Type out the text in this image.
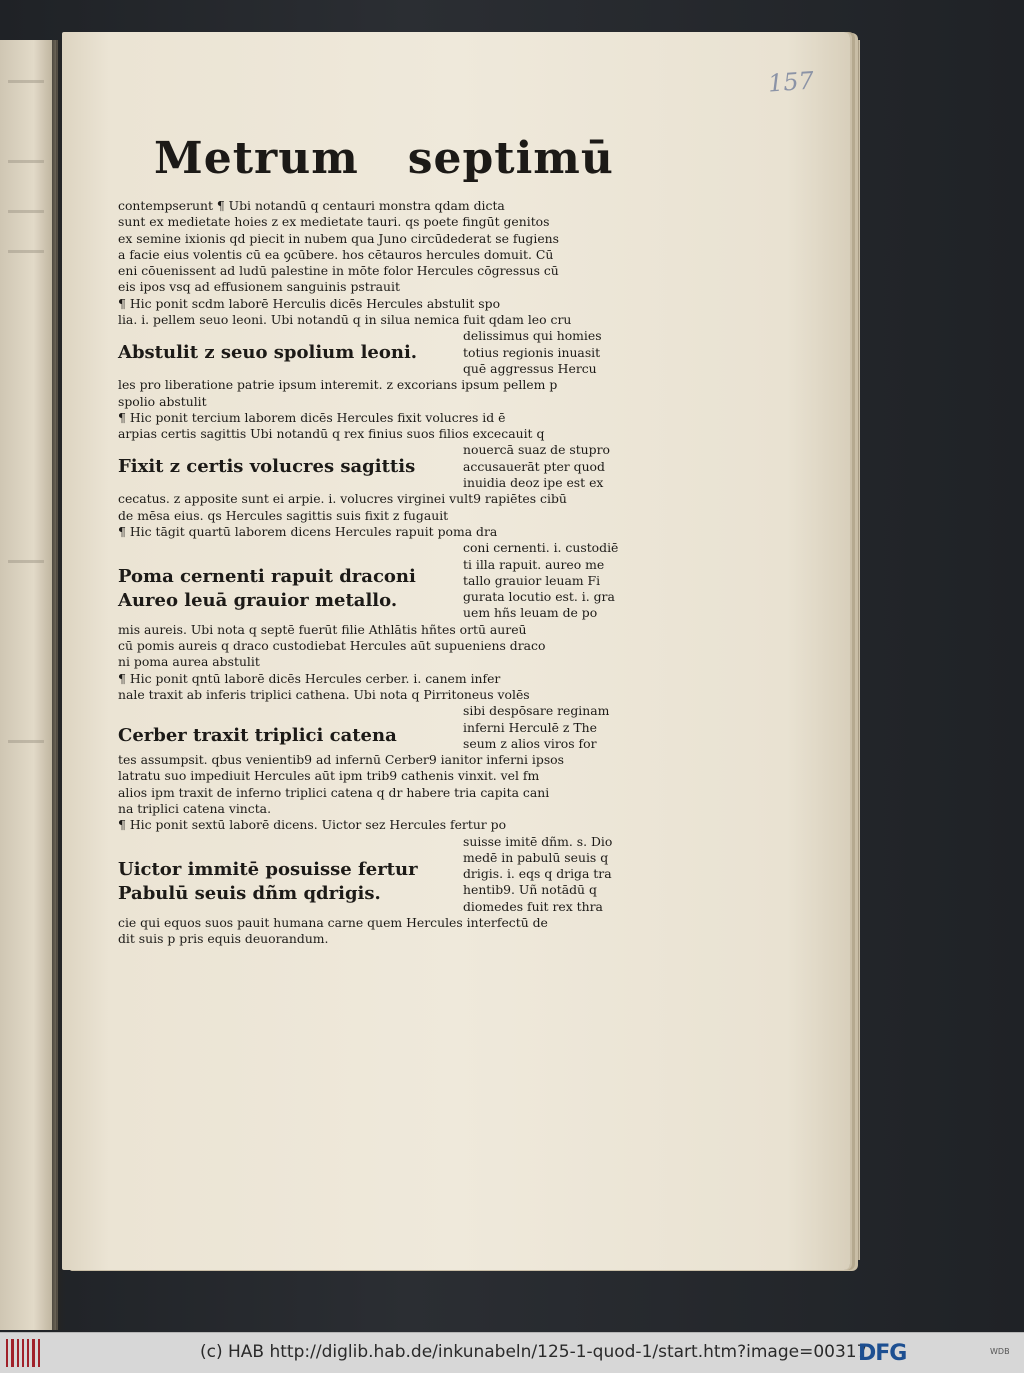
157
Metrum   septimū
contempserunt ¶ Ubi notandū q centauri monstra qdam dicta
sunt ex medietate hoies z ex medietate tauri. qs poete fingūt genitos
ex semine ixionis qd piecit in nubem qua Juno circūdederat se fugiens
a facie eius volentis cū ea ꝯcūbere. hos cētauros hercules domuit. Cū
eni cōuenissent ad ludū palestine in mōte folor Hercules cōgressus cū
eis ipos vsq ad effusionem sanguinis pstrauit
¶ Hic ponit scdm laborē Herculis dicēs Hercules abstulit spo
lia. i. pellem seuo leoni. Ubi notandū q in silua nemica fuit qdam leo cru
Abstulit z seuo spolium leoni.
delissimus qui homies
totius regionis inuasit
quē aggressus Hercu
les pro liberatione patrie ipsum interemit. z excorians ipsum pellem p
spolio abstulit
¶ Hic ponit tercium laborem dicēs Hercules fixit volucres id ē
arpias certis sagittis Ubi notandū q rex finius suos filios excecauit q
Fixit z certis volucres sagittis
nouercā suaz de stupro
accusauerāt pter quod
inuidia deoz ipe est ex
cecatus. z apposite sunt ei arpie. i. volucres virginei vult9 rapiētes cibū
de mēsa eius. qs Hercules sagittis suis fixit z fugauit
¶ Hic tāgit quartū laborem dicens Hercules rapuit poma dra
coni cernenti. i. custodiē
Poma cernenti rapuit draconi
Aureo leuā grauior metallo.
ti illa rapuit. aureo me
tallo grauior leuam Fi
gurata locutio est. i. gra
uem hñs leuam de po
mis aureis. Ubi nota q septē fuerūt filie Athlātis hñtes ortū aureū
cū pomis aureis q draco custodiebat Hercules aūt supueniens draco
ni poma aurea abstulit
¶ Hic ponit qntū laborē dicēs Hercules cerber. i. canem infer
nale traxit ab inferis triplici cathena. Ubi nota q Pirritoneus volēs
sibi despōsare reginam
Cerber traxit triplici catena	inferni Herculē z The
seum z alios viros for
tes assumpsit. qbus venientib9 ad infernū Cerber9 ianitor inferni ipsos
latratu suo impediuit Hercules aūt ipm trib9 cathenis vinxit. vel fm
alios ipm traxit de inferno triplici catena q dr habere tria capita cani
na triplici catena vincta.
¶ Hic ponit sextū laborē dicens. Uictor sez Hercules fertur po
suisse imitē dñm. s. Dio
Uictor immitē posuisse fertur
Pabulū seuis dñm qdrigis.
medē in pabulū seuis q
drigis. i. eqs q driga tra
hentib9. Uñ notādū q
diomedes fuit rex thra
cie qui equos suos pauit humana carne quem Hercules interfectū de
dit suis p pris equis deuorandum.
(c) HAB http://diglib.hab.de/inkunabeln/125-1-quod-1/start.htm?image=00317
DFG	WDB
